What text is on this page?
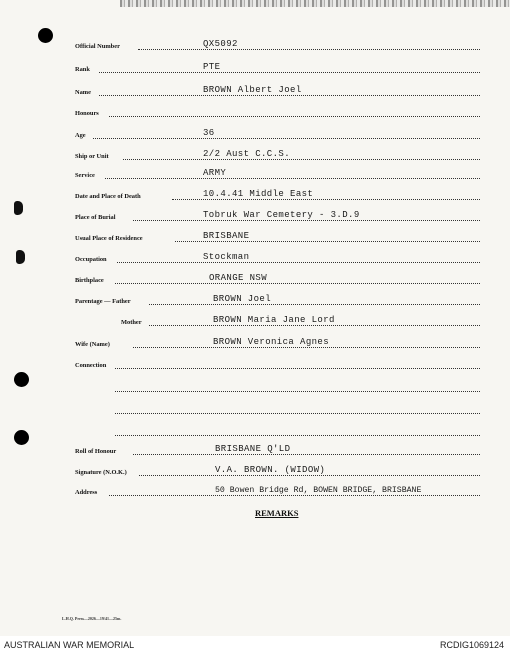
Official Number	QX5092
Rank	PTE
Name	BROWN Albert Joel
Honours
Age	36
Ship or Unit	2/2 Aust C.C.S.
Service	ARMY
Date and Place of Death	10.4.41 Middle East
Place of Burial	Tobruk War Cemetery - 3.D.9
Usual Place of Residence	BRISBANE
Occupation	Stockman
Birthplace	ORANGE NSW
Parentage — Father	BROWN Joel
Mother	BROWN Maria Jane Lord
Wife (Name)	BROWN Veronica Agnes
Connection
Roll of Honour	BRISBANE Q'LD
Signature (N.O.K.)	V.A. BROWN. (WIDOW)
Address	50 Bowen Bridge Rd, BOWEN BRIDGE, BRISBANE
REMARKS
L.H.Q. Press—2026—19/41—25m.
AUSTRALIAN WAR MEMORIAL	RCDIG1069124
